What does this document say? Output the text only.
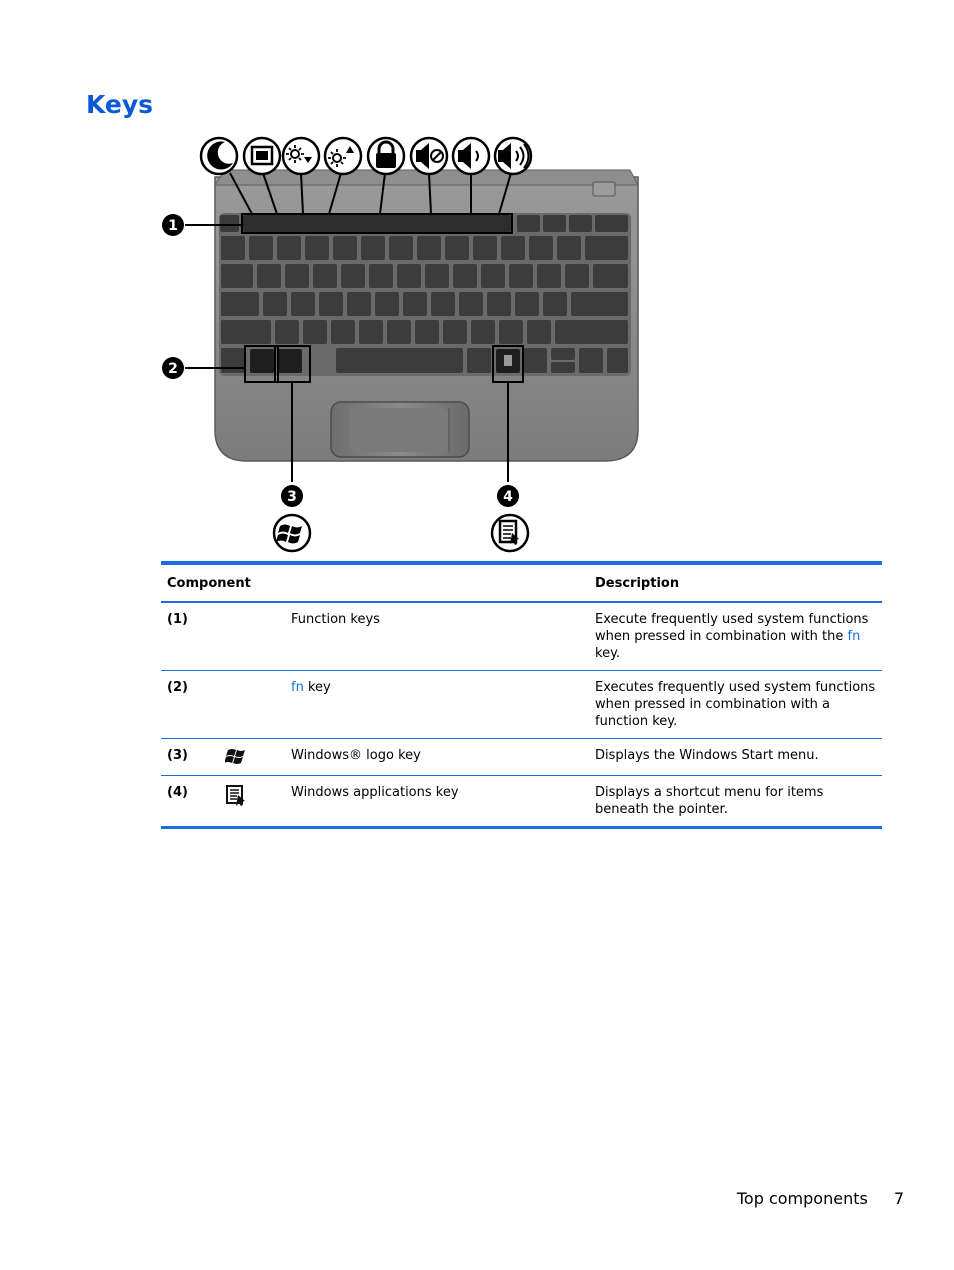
Keys
1
2
3	4
Component			Description
(1)		Function keys	Execute frequently used system functions when pressed in combination with the fn key.
(2)		fn key	Executes frequently used system functions when pressed in combination with a function key.
(3)		Windows® logo key	Displays the Windows Start menu.
(4)		Windows applications key	Displays a shortcut menu for items beneath the pointer.
Top components 7
